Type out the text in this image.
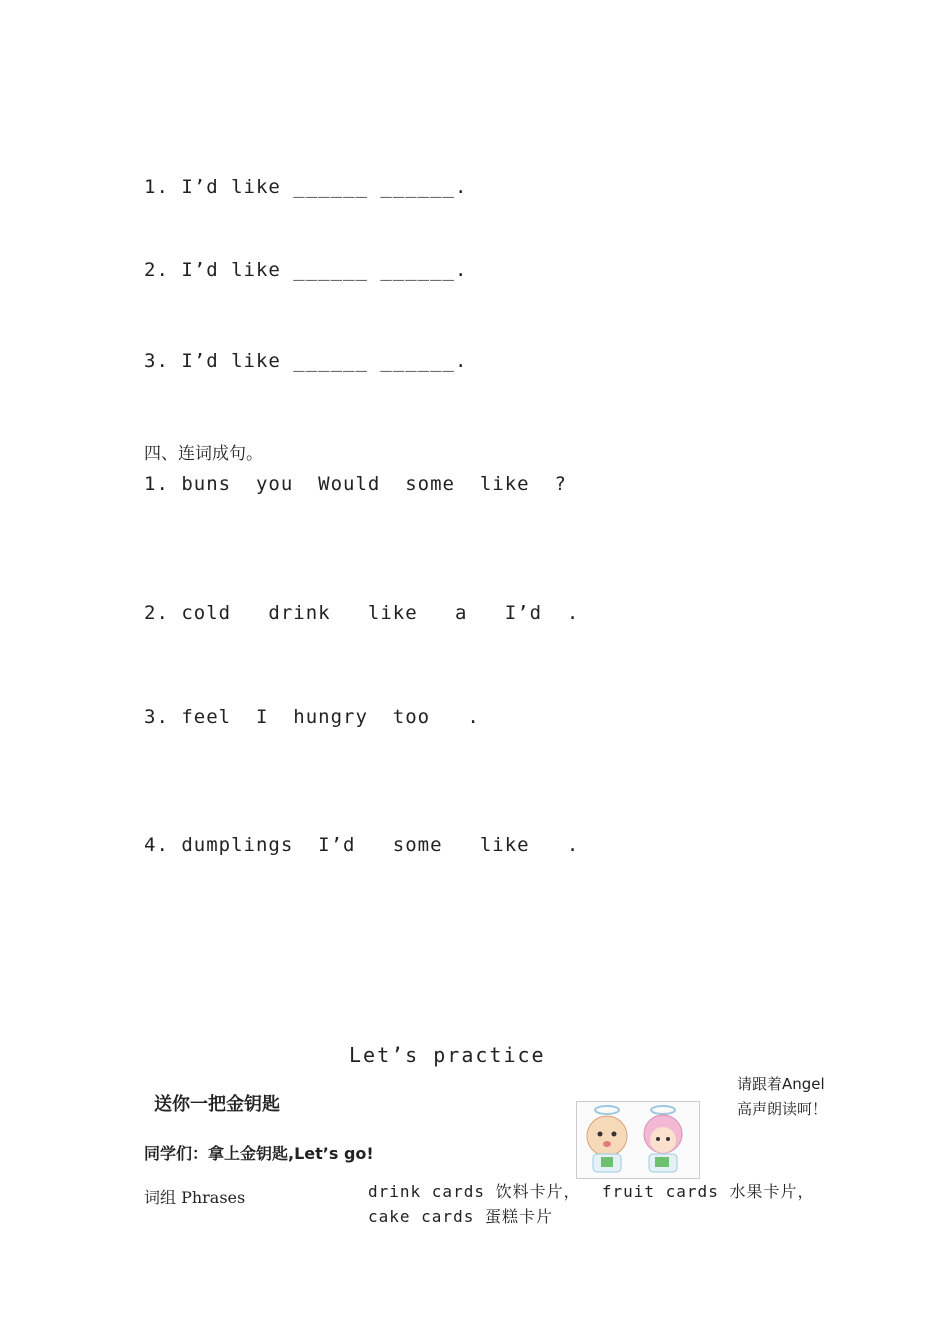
1. I’d like ______ ______.
2. I’d like ______ ______.
3. I’d like ______ ______.
四、连词成句。
1. buns  you  Would  some  like  ?
2. cold   drink   like   a   I’d  .
3. feel  I  hungry  too   .
4. dumplings  I’d   some   like   .
Let’s practice
送你一把金钥匙
请跟着Angel
高声朗读呵！
同学们：拿上金钥匙,Let’s go!
词组 Phrases	drink cards 饮料卡片，  fruit cards 水果卡片，
cake cards 蛋糕卡片
